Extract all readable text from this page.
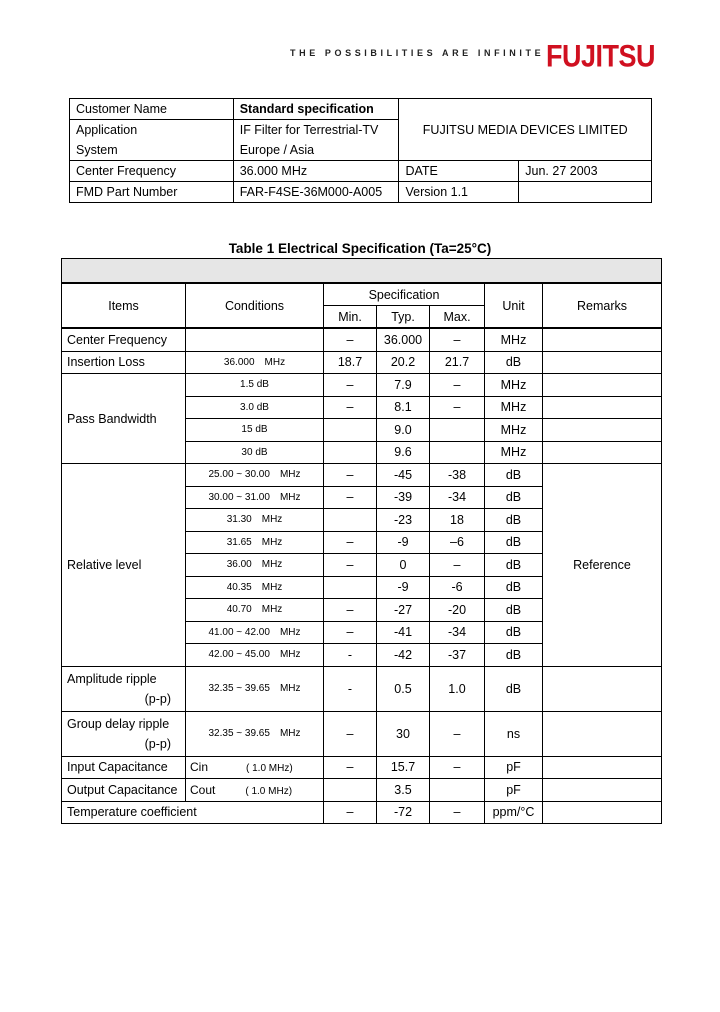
THE POSSIBILITIES ARE INFINITE FUJITSU
Customer Name	Standard specification	FUJITSU MEDIA DEVICES LIMITED	
Application	IF Filter for Terrestrial-TV		
System	Europe / Asia		
Center Frequency	36.000 MHz	DATE	Jun. 27 2003
FMD Part Number	FAR-F4SE-36M000-A005	Version 1.1	
Table 1 Electrical Specification (Ta=25°C)

Items	Conditions	Specification			Unit	Remarks
		Min.	Typ.	Max.		
Center Frequency		–	36.000	–	MHz	
Insertion Loss	36.000 MHz	18.7	20.2	21.7	dB	
Pass Bandwidth	1.5 dB	–	7.9	–	MHz	
	3.0 dB	–	8.1	–	MHz	
	15 dB		9.0		MHz	
	30 dB		9.6		MHz	
Relative level	25.00 ~ 30.00 MHz	–	-45	-38	dB	
	30.00 ~ 31.00 MHz	–	-39	-34	dB	
	31.30 MHz		-23	18	dB	
	31.65 MHz	–	-9	–6	dB	
	36.00 MHz	–	0	–	dB	Reference
	40.35 MHz		-9	-6	dB	
	40.70 MHz	–	-27	-20	dB	
	41.00 ~ 42.00 MHz	–	-41	-34	dB	
	42.00 ~ 45.00 MHz	-	-42	-37	dB	

Amplitude ripple
(p-p)	32.35 ~ 39.65 MHz	-	0.5	1.0	dB	

Group delay ripple
(p-p)	32.35 ~ 39.65 MHz	–	30	–	ns	
Input Capacitance	Cin ( 1.0 MHz)	–	15.7	–	pF	
Output Capacitance	Cout ( 1.0 MHz)		3.5		pF	
Temperature coefficient		–	-72	–	ppm/°C	
